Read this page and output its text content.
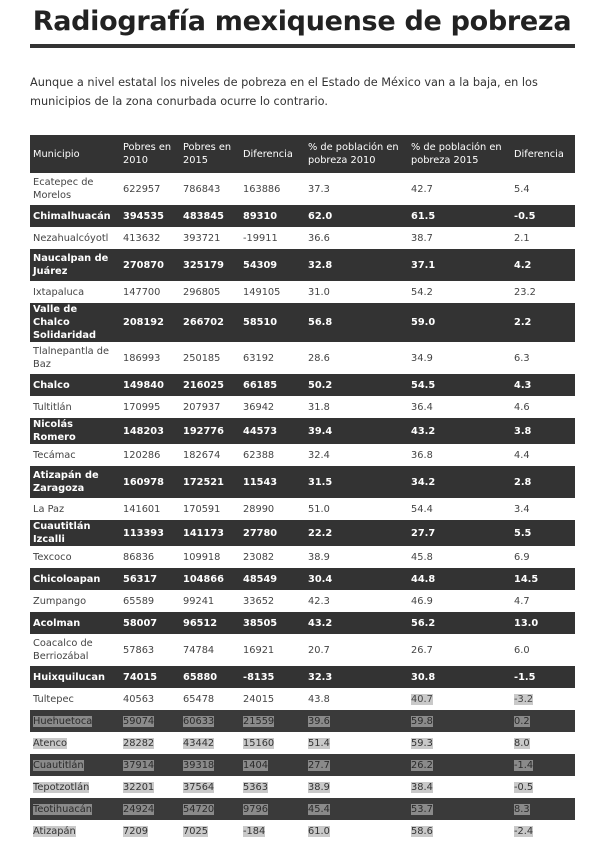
Radiografía mexiquense de pobreza

Aunque a nivel estatal los niveles de pobreza en el Estado de México van a la baja, en los municipios de la zona conurbada ocurre lo contrario.

Municipio	Pobres en 2010	Pobres en 2015	Diferencia	% de población en pobreza 2010	% de población en pobreza 2015	Diferencia
Ecatepec de Morelos	622957	786843	163886	37.3	42.7	5.4
Chimalhuacán	394535	483845	89310	62.0	61.5	-0.5
Nezahualcóyotl	413632	393721	-19911	36.6	38.7	2.1
Naucalpan de Juárez	270870	325179	54309	32.8	37.1	4.2
Ixtapaluca	147700	296805	149105	31.0	54.2	23.2
Valle de Chalco Solidaridad	208192	266702	58510	56.8	59.0	2.2
Tlalnepantla de Baz	186993	250185	63192	28.6	34.9	6.3
Chalco	149840	216025	66185	50.2	54.5	4.3
Tultitlán	170995	207937	36942	31.8	36.4	4.6
Nicolás Romero	148203	192776	44573	39.4	43.2	3.8
Tecámac	120286	182674	62388	32.4	36.8	4.4
Atizapán de Zaragoza	160978	172521	11543	31.5	34.2	2.8
La Paz	141601	170591	28990	51.0	54.4	3.4
Cuautitlán Izcalli	113393	141173	27780	22.2	27.7	5.5
Texcoco	86836	109918	23082	38.9	45.8	6.9
Chicoloapan	56317	104866	48549	30.4	44.8	14.5
Zumpango	65589	99241	33652	42.3	46.9	4.7
Acolman	58007	96512	38505	43.2	56.2	13.0
Coacalco de Berriozábal	57863	74784	16921	20.7	26.7	6.0
Huixquilucan	74015	65880	-8135	32.3	30.8	-1.5
Tultepec	40563	65478	24015	43.8	40.7	-3.2
Huehuetoca	59074	60633	21559	39.6	59.8	0.2
Atenco	28282	43442	15160	51.4	59.3	8.0
Cuautitlán	37914	39318	1404	27.7	26.2	-1.4
Tepotzotlán	32201	37564	5363	38.9	38.4	-0.5
Teotihuacán	24924	54720	9796	45.4	53.7	8.3
Atizapán	7209	7025	-184	61.0	58.6	-2.4
